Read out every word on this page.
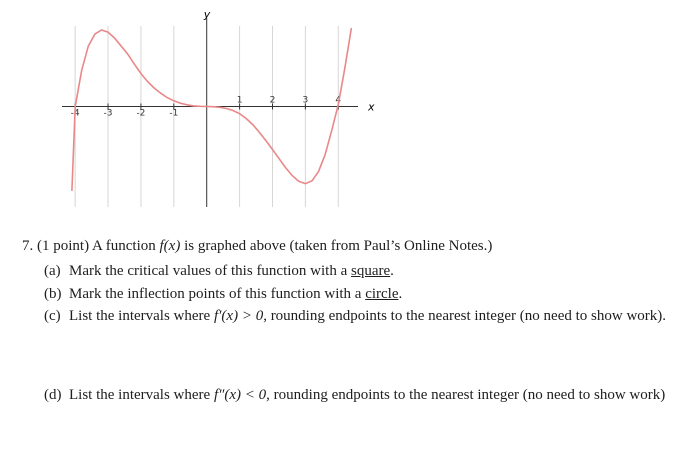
-4	-3	-2	-1
1	2	3	4 x
y
7. (1 point) A function f(x) is graphed above (taken from Paul’s Online Notes.)
(a) Mark the critical values of this function with a square.
(b) Mark the inflection points of this function with a circle.
(c) List the intervals where f′(x) > 0, rounding endpoints to the nearest integer (no need to show work).
(d) List the intervals where f″(x) < 0, rounding endpoints to the nearest integer (no need to show work)
